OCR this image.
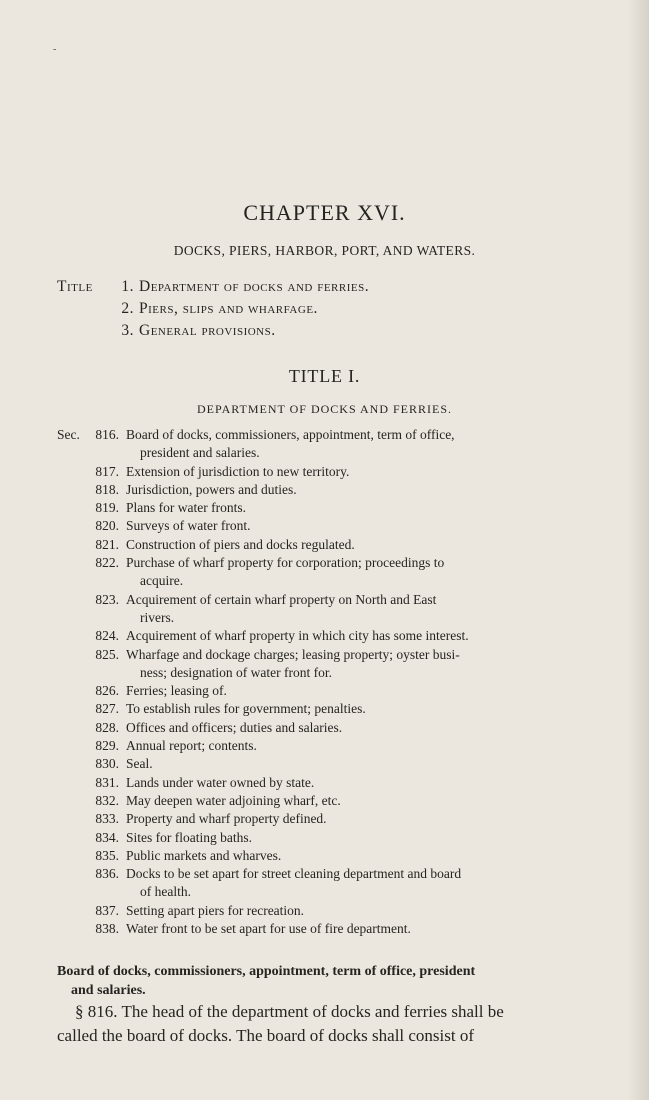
‐
CHAPTER XVI.
DOCKS, PIERS, HARBOR, PORT, AND WATERS.
Title 1. Department of docks and ferries.
2. Piers, slips and wharfage.
3. General provisions.
TITLE I.
DEPARTMENT OF DOCKS AND FERRIES.
Sec.	816. Board of docks, commissioners, appointment, term of office,
president and salaries.
817. Extension of jurisdiction to new territory.
818. Jurisdiction, powers and duties.
819. Plans for water fronts.
820. Surveys of water front.
821. Construction of piers and docks regulated.
822. Purchase of wharf property for corporation; proceedings to
acquire.
823. Acquirement of certain wharf property on North and East
rivers.
824. Acquirement of wharf property in which city has some interest.
825. Wharfage and dockage charges; leasing property; oyster busi-
ness; designation of water front for.
826. Ferries; leasing of.
827. To establish rules for government; penalties.
828. Offices and officers; duties and salaries.
829. Annual report; contents.
830. Seal.
831. Lands under water owned by state.
832. May deepen water adjoining wharf, etc.
833. Property and wharf property defined.
834. Sites for floating baths.
835. Public markets and wharves.
836. Docks to be set apart for street cleaning department and board
of health.
837. Setting apart piers for recreation.
838. Water front to be set apart for use of fire department.
Board of docks, commissioners, appointment, term of office, president
and salaries.
§ 816. The head of the department of docks and ferries shall be
called the board of docks. The board of docks shall consist of
